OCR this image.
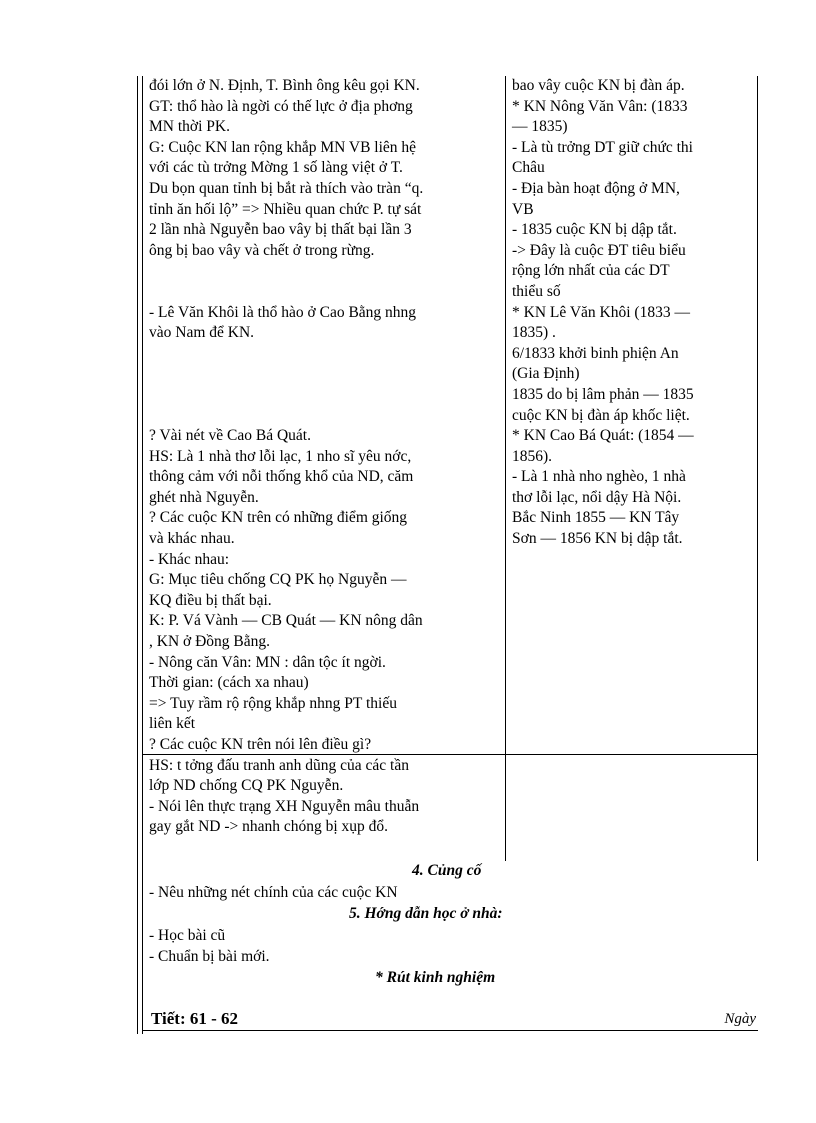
đói lớn ở N. Định, T. Bình ông kêu gọi KN.
GT: thổ hào là ngời có thế lực ở địa phơng
MN thời PK.
G: Cuộc KN lan rộng khắp MN VB liên hệ
với các tù trởng Mờng 1 số làng việt ở T.
Du bọn quan tỉnh bị bắt rà thích vào tràn “q.
tỉnh ăn hối lộ” => Nhiều quan chức P. tự sát
2 lần nhà Nguyễn bao vây bị thất bại lần 3
ông bị bao vây và chết ở trong rừng.

- Lê Văn Khôi là thổ hào ở Cao Bằng nhng
vào Nam để KN.

? Vài nét về Cao Bá Quát.
HS: Là 1 nhà thơ lỗi lạc, 1 nho sĩ yêu nớc,
thông cảm với nỗi thống khổ của ND, căm
ghét nhà Nguyễn.
? Các cuộc KN trên có những điểm giống
và khác nhau.
- Khác nhau:
G: Mục tiêu chống CQ PK họ Nguyễn —
KQ điều bị thất bại.
K: P. Vá Vành — CB Quát — KN nông dân
, KN ở Đồng Bằng.
- Nông căn Vân: MN : dân tộc ít ngời.
Thời gian: (cách xa nhau)
=> Tuy rầm rộ rộng khắp nhng PT thiếu
liên kết
? Các cuộc KN trên nói lên điều gì?
HS: t tởng đấu tranh anh dũng của các tần
lớp ND chống CQ PK Nguyễn.
- Nói lên thực trạng XH Nguyễn mâu thuẫn
gay gắt ND -> nhanh chóng bị xụp đổ.
bao vây cuộc KN bị đàn áp.
* KN Nông Văn Vân: (1833
— 1835)
- Là tù trởng DT giữ chức thi
Châu
- Địa bàn hoạt động ở MN,
VB
- 1835 cuộc KN bị dập tắt.
-> Đây là cuộc ĐT tiêu biểu
rộng lớn nhất của các DT
thiểu số
* KN Lê Văn Khôi (1833 —
1835) .
6/1833 khởi binh phiện An
(Gia Định)
1835 do bị lâm phản — 1835
cuộc KN bị đàn áp khốc liệt.
* KN Cao Bá Quát: (1854 —
1856).
- Là 1 nhà nho nghèo, 1 nhà
thơ lỗi lạc, nổi dậy Hà Nội.
Bắc Ninh 1855 — KN Tây
Sơn — 1856 KN bị dập tắt.
4. Củng cố
- Nêu những nét chính của các cuộc KN
5. Hớng dẫn học ở nhà:
- Học bài cũ
- Chuẩn bị bài mới.
* Rút kinh nghiệm
Tiết: 61 - 62	Ngày
